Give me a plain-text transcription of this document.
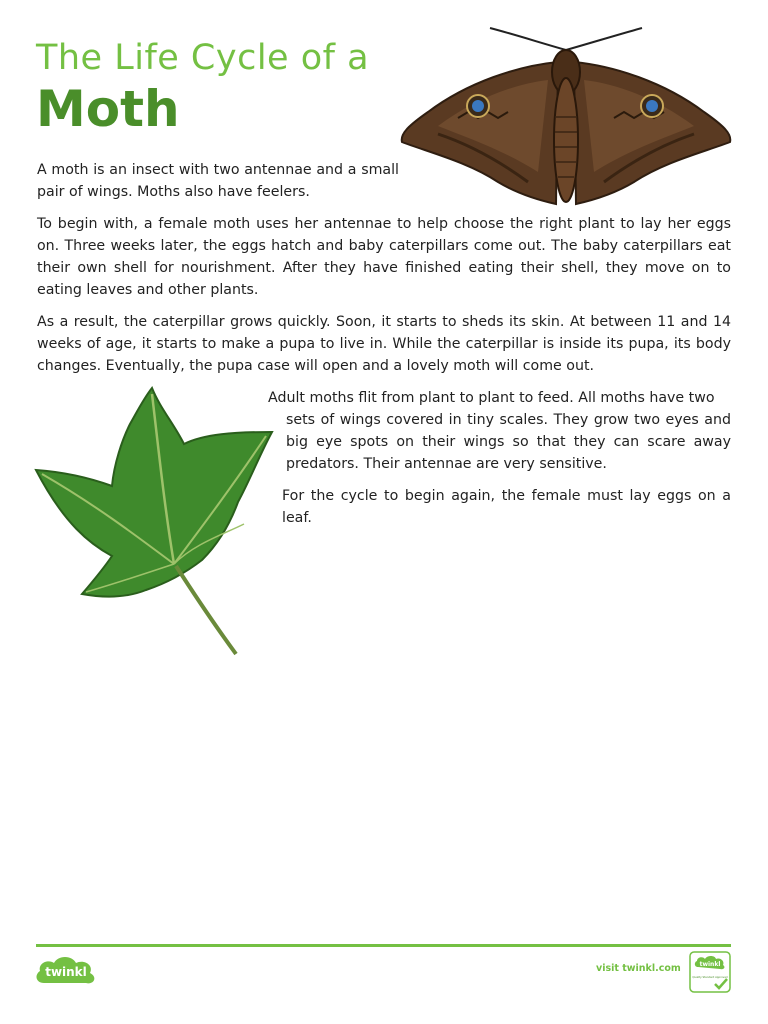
The Life Cycle of a
Moth

A moth is an insect with two antennae and a small pair of wings. Moths also have feelers.

To begin with, a female moth uses her antennae to help choose the right plant to lay her eggs on. Three weeks later, the eggs hatch and baby caterpillars come out. The baby caterpillars eat their own shell for nourishment. After they have finished eating their shell, they move on to eating leaves and other plants.

As a result, the caterpillar grows quickly. Soon, it starts to sheds its skin. At between 11 and 14 weeks of age, it starts to make a pupa to live in. While the caterpillar is inside its pupa, its body changes. Eventually, the pupa case will open and a lovely moth will come out.

Adult moths flit from plant to plant to feed. All moths have two
sets of wings covered in tiny scales. They grow two eyes and big eye spots on their wings so that they can scare away predators. Their antennae are very sensitive.

For the cycle to begin again, the female must lay eggs on a leaf.

twinkl	visit twinkl.com	twinkl
Quality Standard Approved
